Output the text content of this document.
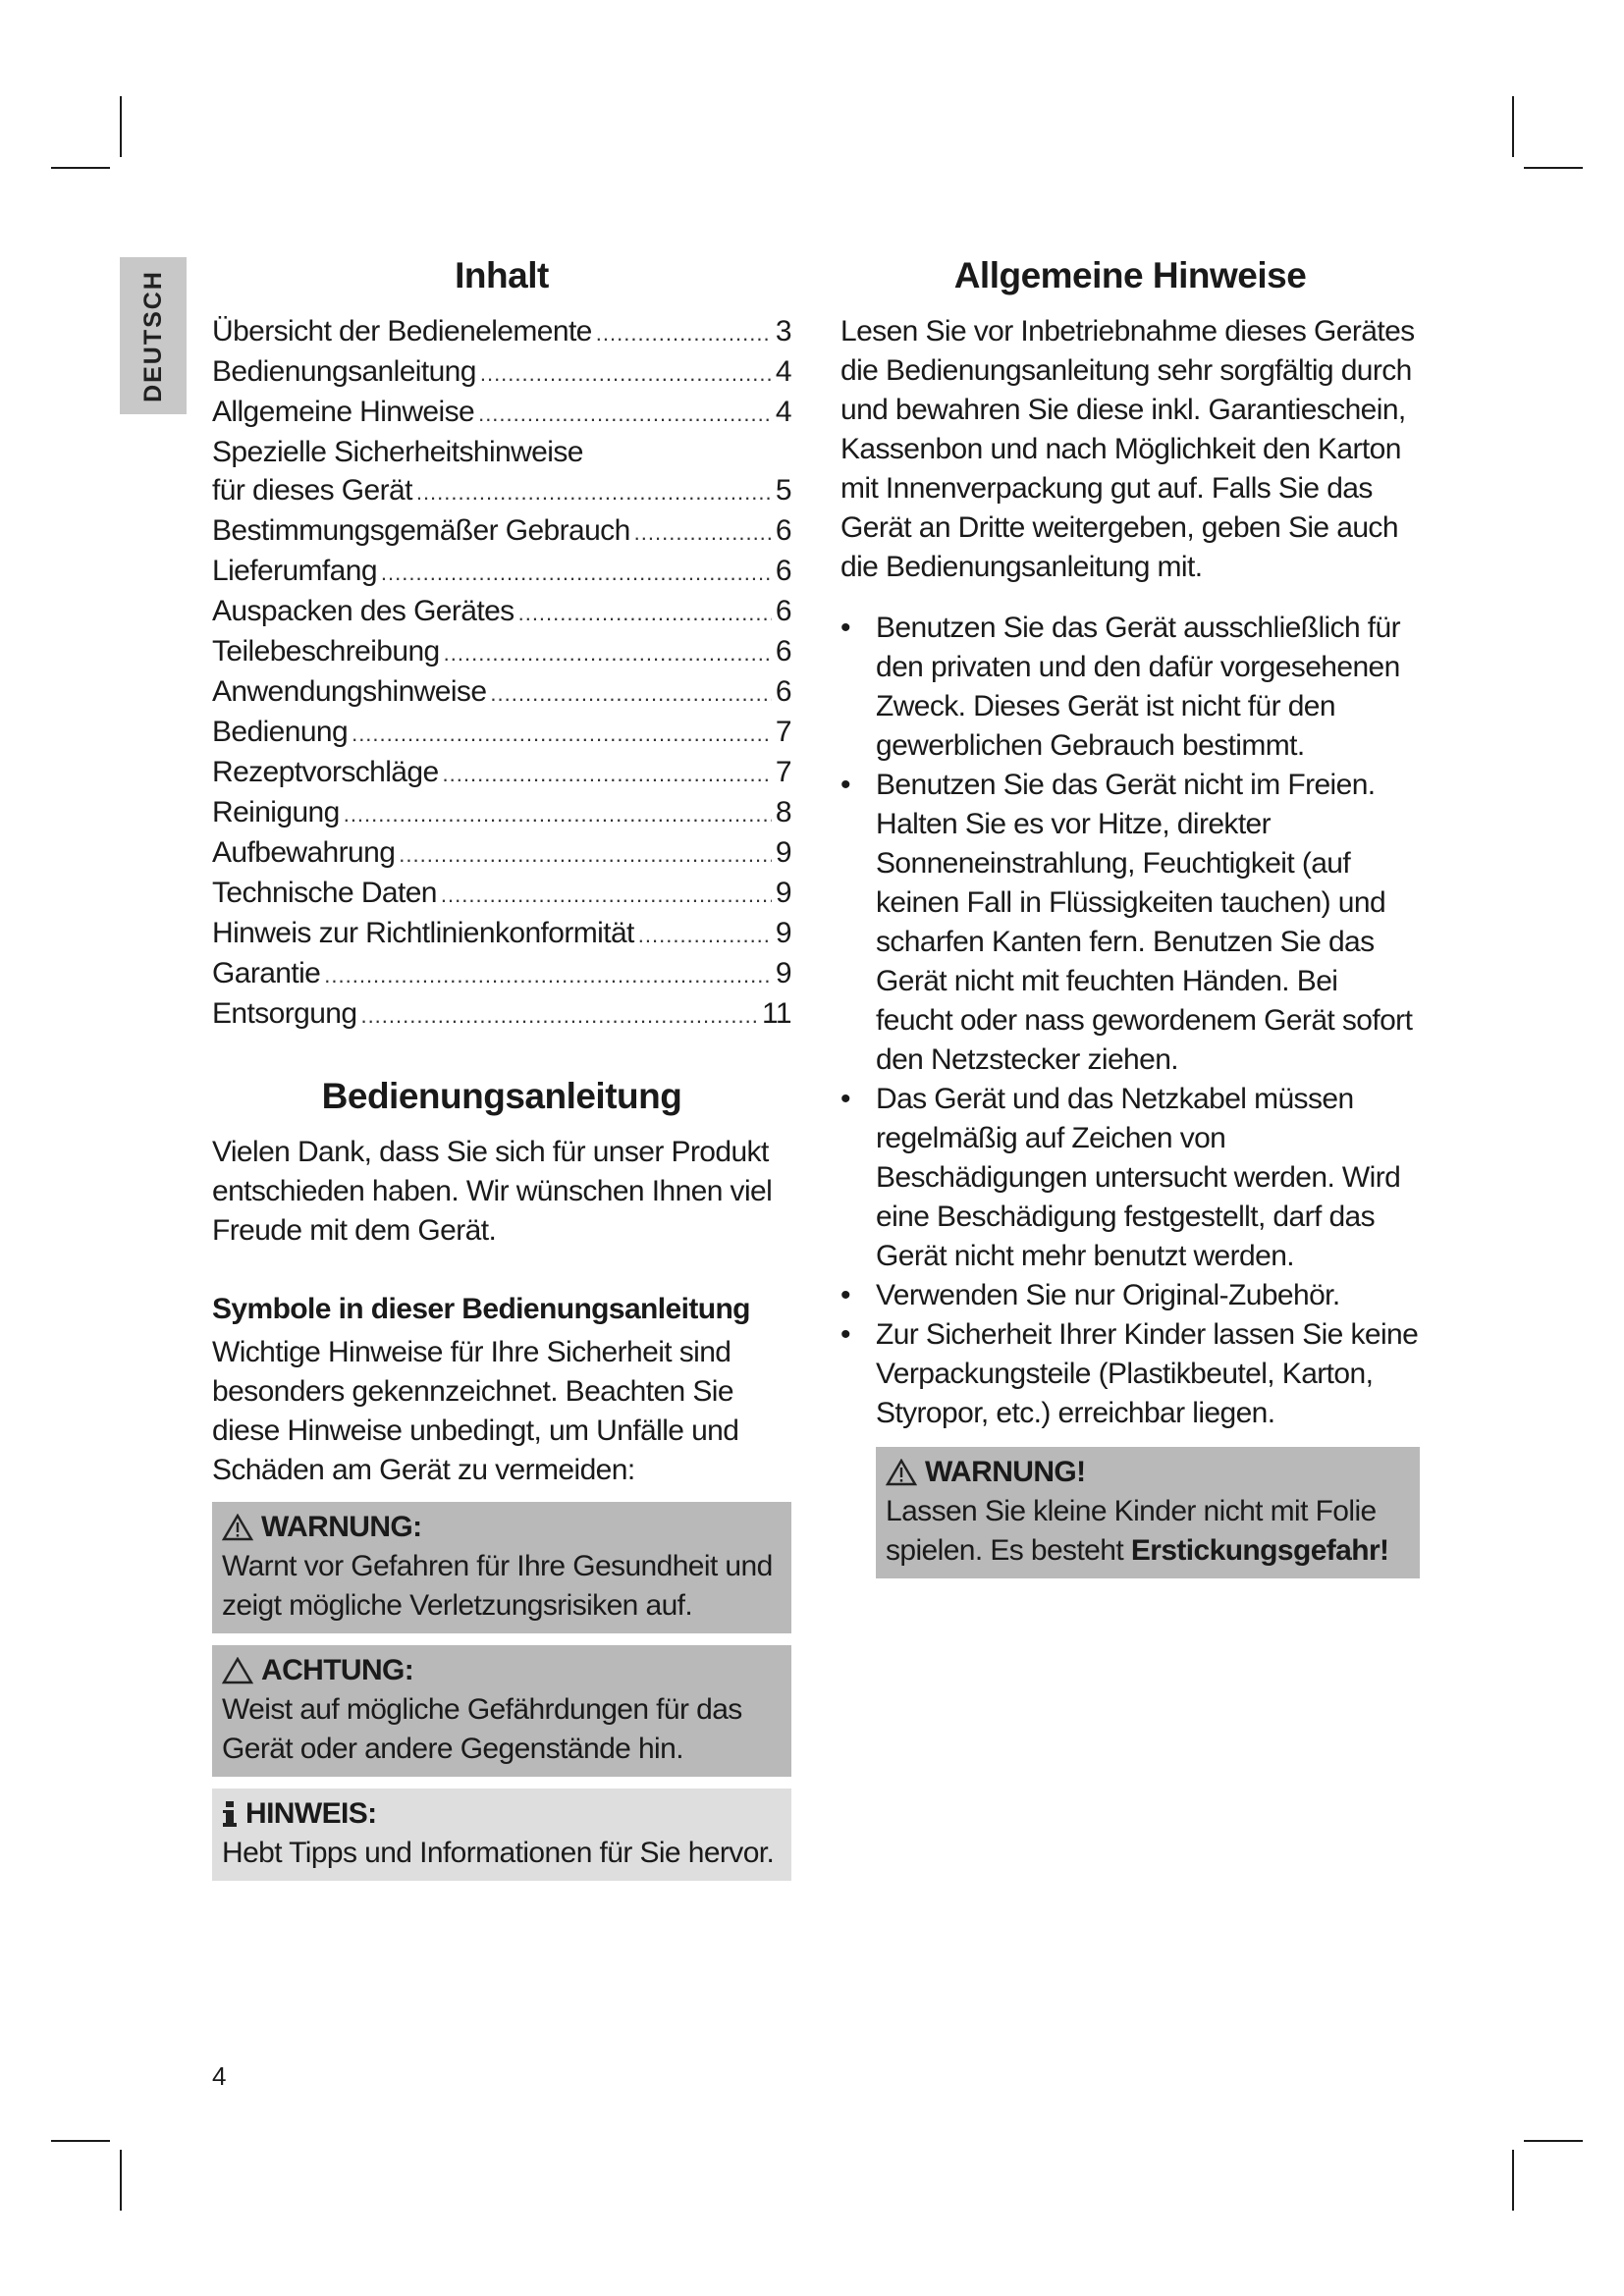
DEUTSCH	Inhalt
Übersicht der Bedienelemente .....	3
Bedienungsanleitung .....	4
Allgemeine Hinweise .....	4
Spezielle Sicherheitshinweise
für dieses Gerät .....	5
Bestimmungsgemäßer Gebrauch .....	6
Lieferumfang .....	6
Auspacken des Gerätes .....	6
Teilebeschreibung .....	6
Anwendungshinweise .....	6
Bedienung .....	7
Rezeptvorschläge .....	7
Reinigung .....	8
Aufbewahrung .....	9
Technische Daten .....	9
Hinweis zur Richtlinienkonformität .....	9
Garantie .....	9
Entsorgung .....	11
Bedienungsanleitung

Vielen Dank, dass Sie sich für unser Produkt entschieden haben. Wir wünschen Ihnen viel Freude mit dem Gerät.

Symbole in dieser Bedienungsanleitung

Wichtige Hinweise für Ihre Sicherheit sind besonders gekennzeichnet. Beachten Sie diese Hinweise unbedingt, um Unfälle und Schäden am Gerät zu vermeiden:

WARNUNG:
Warnt vor Gefahren für Ihre Gesundheit und zeigt mögliche Verletzungsrisiken auf.
ACHTUNG:
Weist auf mögliche Gefährdungen für das Gerät oder andere Gegenstände hin.
HINWEIS:
Hebt Tipps und Informationen für Sie hervor.
Allgemeine Hinweise

Lesen Sie vor Inbetriebnahme dieses Gerätes die Bedienungsanleitung sehr sorgfältig durch und bewahren Sie diese inkl. Garantieschein, Kassenbon und nach Möglichkeit den Karton mit Innenverpackung gut auf. Falls Sie das Gerät an Dritte weitergeben, geben Sie auch die Bedienungsanleitung mit.

• Benutzen Sie das Gerät ausschließlich für den privaten und den dafür vorgesehenen Zweck. Dieses Gerät ist nicht für den gewerblichen Gebrauch bestimmt.
• Benutzen Sie das Gerät nicht im Freien. Halten Sie es vor Hitze, direkter Sonneneinstrahlung, Feuchtigkeit (auf keinen Fall in Flüssigkeiten tauchen) und scharfen Kanten fern. Benutzen Sie das Gerät nicht mit feuchten Händen. Bei feucht oder nass gewordenem Gerät sofort den Netzstecker ziehen.
• Das Gerät und das Netzkabel müssen regelmäßig auf Zeichen von Beschädigungen untersucht werden. Wird eine Beschädigung festgestellt, darf das Gerät nicht mehr benutzt werden.
• Verwenden Sie nur Original-Zubehör.
• Zur Sicherheit Ihrer Kinder lassen Sie keine Verpackungsteile (Plastikbeutel, Karton, Styropor, etc.) erreichbar liegen.
WARNUNG!
Lassen Sie kleine Kinder nicht mit Folie spielen. Es besteht Erstickungsgefahr!
4
